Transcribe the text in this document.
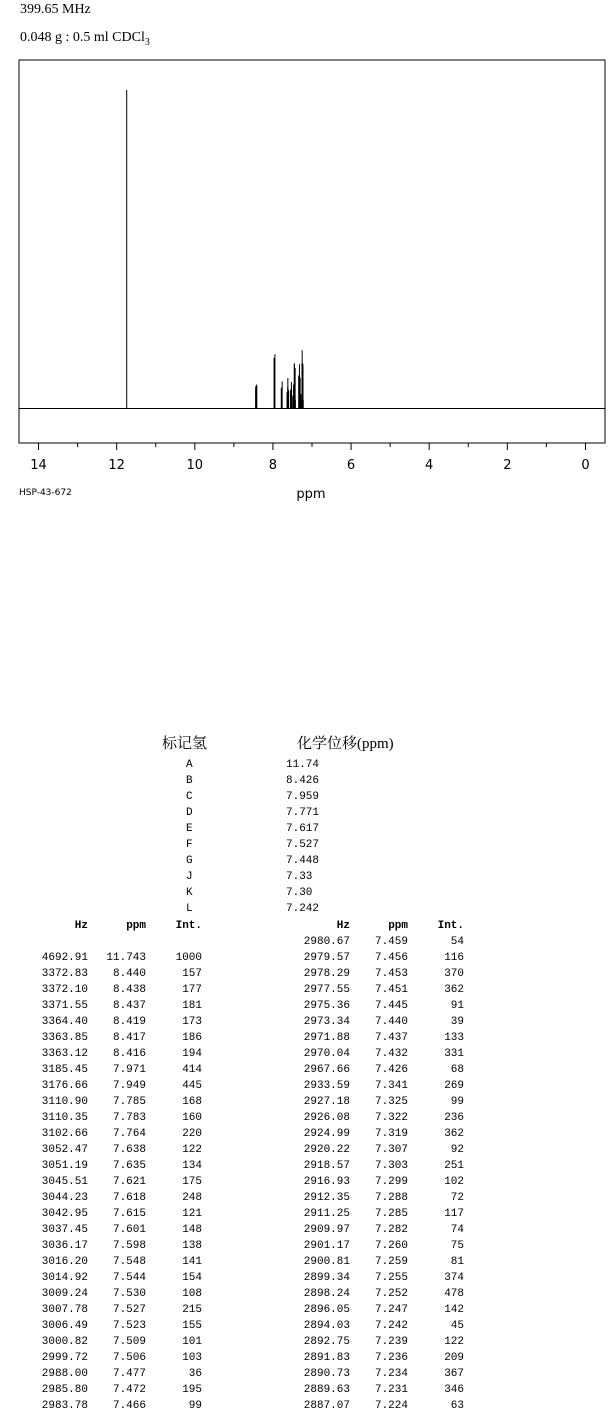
399.65 MHz
0.048 g : 0.5 ml CDCl$_3$
14	12	10	8	6	4	2	0
ppm
HSP-43-672
标记氢	化学位移(ppm)
A	11.74
B	8.426
C	7.959
D	7.771
E	7.617
F	7.527
G	7.448
J	7.33
K	7.30
L	7.242
Hz	ppm	Int.
4692.91	11.743	1000
3372.83	8.440	157
3372.10	8.438	177
3371.55	8.437	181
3364.40	8.419	173
3363.85	8.417	186
3363.12	8.416	194
3185.45	7.971	414
3176.66	7.949	445
3110.90	7.785	168
3110.35	7.783	160
3102.66	7.764	220
3052.47	7.638	122
3051.19	7.635	134
3045.51	7.621	175
3044.23	7.618	248
3042.95	7.615	121
3037.45	7.601	148
3036.17	7.598	138
3016.20	7.548	141
3014.92	7.544	154
3009.24	7.530	108
3007.78	7.527	215
3006.49	7.523	155
3000.82	7.509	101
2999.72	7.506	103
2988.00	7.477	36
2985.80	7.472	195
2983.78	7.466	99
Hz	ppm	Int.
2980.67	7.459	54
2979.57	7.456	116
2978.29	7.453	370
2977.55	7.451	362
2975.36	7.445	91
2973.34	7.440	39
2971.88	7.437	133
2970.04	7.432	331
2967.66	7.426	68
2933.59	7.341	269
2927.18	7.325	99
2926.08	7.322	236
2924.99	7.319	362
2920.22	7.307	92
2918.57	7.303	251
2916.93	7.299	102
2912.35	7.288	72
2911.25	7.285	117
2909.97	7.282	74
2901.17	7.260	75
2900.81	7.259	81
2899.34	7.255	374
2898.24	7.252	478
2896.05	7.247	142
2894.03	7.242	45
2892.75	7.239	122
2891.83	7.236	209
2890.73	7.234	367
2889.63	7.231	346
2887.07	7.224	63
